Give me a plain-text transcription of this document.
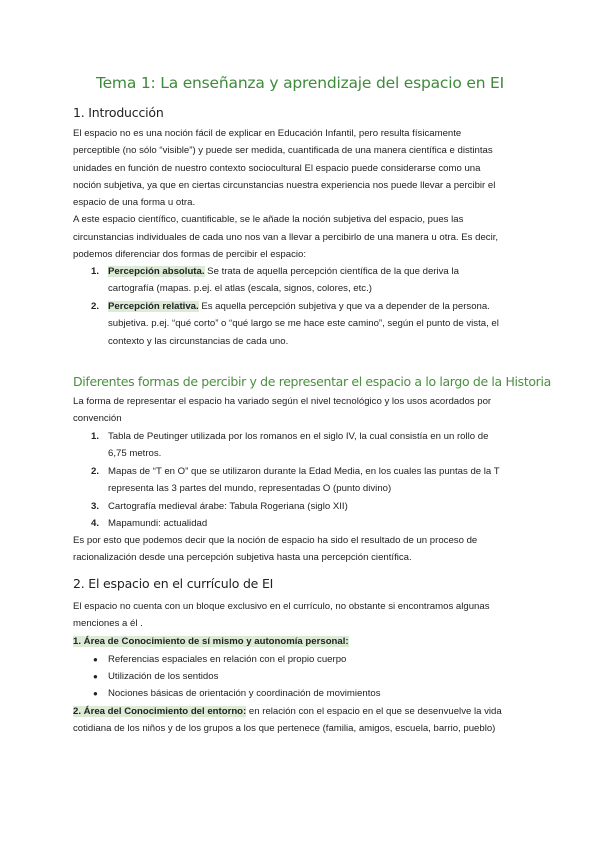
Tema 1: La enseñanza y aprendizaje del espacio en EI
1. Introducción
El espacio no es una noción fácil de explicar en Educación Infantil, pero resulta físicamente
perceptible (no sólo “visible”) y puede ser medida, cuantificada de una manera científica e distintas
unidades en función de nuestro contexto sociocultural El espacio puede considerarse como una
noción subjetiva, ya que en ciertas circunstancias nuestra experiencia nos puede llevar a percibir el
espacio de una forma u otra.
A este espacio científico, cuantificable, se le añade la noción subjetiva del espacio, pues las
circunstancias individuales de cada uno nos van a llevar a percibirlo de una manera u otra. Es decir,
podemos diferenciar dos formas de percibir el espacio:
1. Percepción absoluta. Se trata de aquella percepción científica de la que deriva la
cartografía (mapas. p.ej. el atlas (escala, signos, colores, etc.)
2. Percepción relativa. Es aquella percepción subjetiva y que va a depender de la persona.
subjetiva. p.ej. “qué corto” o “qué largo se me hace este camino”, según el punto de vista, el
contexto y las circunstancias de cada uno.
Diferentes formas de percibir y de representar el espacio a lo largo de la Historia
La forma de representar el espacio ha variado según el nivel tecnológico y los usos acordados por
convención
1. Tabla de Peutinger utilizada por los romanos en el siglo IV, la cual consistía en un rollo de
6,75 metros.
2. Mapas de “T en O” que se utilizaron durante la Edad Media, en los cuales las puntas de la T
representa las 3 partes del mundo, representadas O (punto divino)
3. Cartografía medieval árabe: Tabula Rogeriana (siglo XII)
4. Mapamundi: actualidad
Es por esto que podemos decir que la noción de espacio ha sido el resultado de un proceso de
racionalización desde una percepción subjetiva hasta una percepción científica.
2. El espacio en el currículo de EI
El espacio no cuenta con un bloque exclusivo en el currículo, no obstante si encontramos algunas
menciones a él .
1. Área de Conocimiento de sí mismo y autonomía personal:
● Referencias espaciales en relación con el propio cuerpo
● Utilización de los sentidos
● Nociones básicas de orientación y coordinación de movimientos
2. Área del Conocimiento del entorno: en relación con el espacio en el que se desenvuelve la vida
cotidiana de los niños y de los grupos a los que pertenece (familia, amigos, escuela, barrio, pueblo)
